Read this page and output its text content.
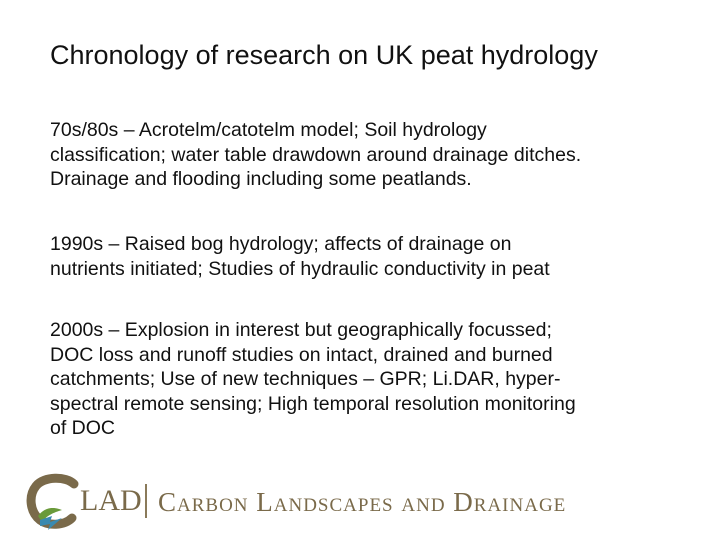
Chronology of research on UK peat hydrology
70s/80s – Acrotelm/catotelm model; Soil hydrology
classification; water table drawdown around drainage ditches.
Drainage and flooding including some peatlands.
1990s – Raised bog hydrology; affects of drainage on
nutrients initiated; Studies of hydraulic conductivity in peat
2000s – Explosion in interest but geographically focussed;
DOC loss and runoff studies on intact, drained and burned
catchments; Use of new techniques – GPR; Li.DAR, hyper-
spectral remote sensing; High temporal resolution monitoring
of DOC
LAD Carbon Landscapes and Drainage
